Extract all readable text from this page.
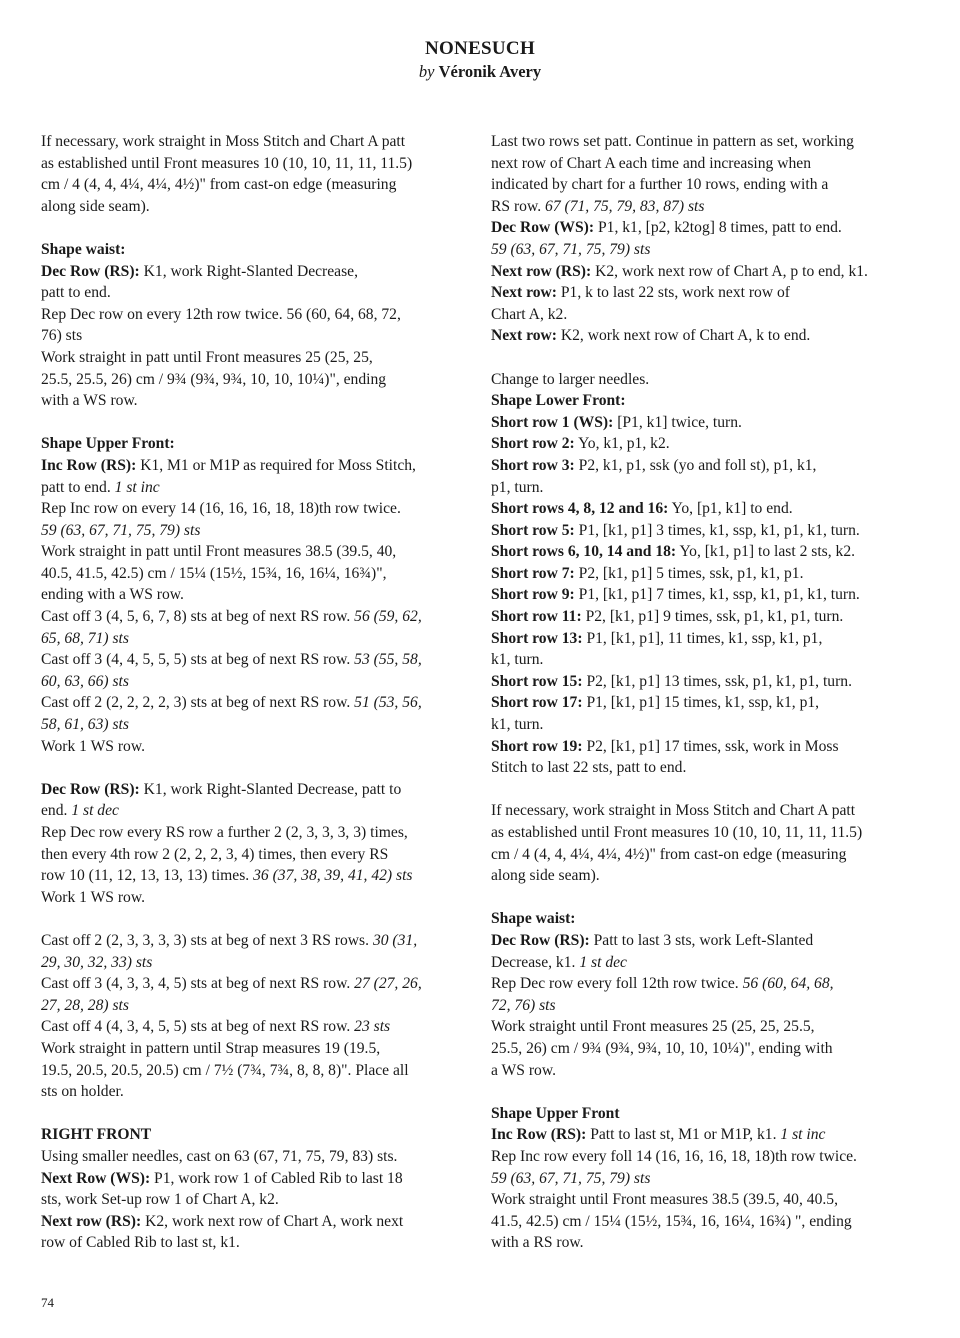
NONESUCH
by Véronik Avery
If necessary, work straight in Moss Stitch and Chart A patt
as established until Front measures 10 (10, 10, 11, 11, 11.5)
cm / 4 (4, 4, 4¼, 4¼, 4½)" from cast-on edge (measuring
along side seam).
Shape waist:
Dec Row (RS): K1, work Right-Slanted Decrease,
patt to end.
Rep Dec row on every 12th row twice. 56 (60, 64, 68, 72,
76) sts
Work straight in patt until Front measures 25 (25, 25,
25.5, 25.5, 26) cm / 9¾ (9¾, 9¾, 10, 10, 10¼)", ending
with a WS row.
Shape Upper Front:
Inc Row (RS): K1, M1 or M1P as required for Moss Stitch,
patt to end. 1 st inc
Rep Inc row on every 14 (16, 16, 16, 18, 18)th row twice.
59 (63, 67, 71, 75, 79) sts
Work straight in patt until Front measures 38.5 (39.5, 40,
40.5, 41.5, 42.5) cm / 15¼ (15½, 15¾, 16, 16¼, 16¾)",
ending with a WS row.
Cast off 3 (4, 5, 6, 7, 8) sts at beg of next RS row. 56 (59, 62,
65, 68, 71) sts
Cast off 3 (4, 4, 5, 5, 5) sts at beg of next RS row. 53 (55, 58,
60, 63, 66) sts
Cast off 2 (2, 2, 2, 2, 3) sts at beg of next RS row. 51 (53, 56,
58, 61, 63) sts
Work 1 WS row.
Dec Row (RS): K1, work Right-Slanted Decrease, patt to
end. 1 st dec
Rep Dec row every RS row a further 2 (2, 3, 3, 3, 3) times,
then every 4th row 2 (2, 2, 2, 3, 4) times, then every RS
row 10 (11, 12, 13, 13, 13) times. 36 (37, 38, 39, 41, 42) sts
Work 1 WS row.
Cast off 2 (2, 3, 3, 3, 3) sts at beg of next 3 RS rows. 30 (31,
29, 30, 32, 33) sts
Cast off 3 (4, 3, 3, 4, 5) sts at beg of next RS row. 27 (27, 26,
27, 28, 28) sts
Cast off 4 (4, 3, 4, 5, 5) sts at beg of next RS row. 23 sts
Work straight in pattern until Strap measures 19 (19.5,
19.5, 20.5, 20.5, 20.5) cm / 7½ (7¾, 7¾, 8, 8, 8)". Place all
sts on holder.
RIGHT FRONT
Using smaller needles, cast on 63 (67, 71, 75, 79, 83) sts.
Next Row (WS): P1, work row 1 of Cabled Rib to last 18
sts, work Set-up row 1 of Chart A, k2.
Next row (RS): K2, work next row of Chart A, work next
row of Cabled Rib to last st, k1.
Last two rows set patt. Continue in pattern as set, working
next row of Chart A each time and increasing when
indicated by chart for a further 10 rows, ending with a
RS row. 67 (71, 75, 79, 83, 87) sts
Dec Row (WS): P1, k1, [p2, k2tog] 8 times, patt to end.
59 (63, 67, 71, 75, 79) sts
Next row (RS): K2, work next row of Chart A, p to end, k1.
Next row: P1, k to last 22 sts, work next row of
Chart A, k2.
Next row: K2, work next row of Chart A, k to end.
Change to larger needles.
Shape Lower Front:
Short row 1 (WS): [P1, k1] twice, turn.
Short row 2: Yo, k1, p1, k2.
Short row 3: P2, k1, p1, ssk (yo and foll st), p1, k1,
p1, turn.
Short rows 4, 8, 12 and 16: Yo, [p1, k1] to end.
Short row 5: P1, [k1, p1] 3 times, k1, ssp, k1, p1, k1, turn.
Short rows 6, 10, 14 and 18: Yo, [k1, p1] to last 2 sts, k2.
Short row 7: P2, [k1, p1] 5 times, ssk, p1, k1, p1.
Short row 9: P1, [k1, p1] 7 times, k1, ssp, k1, p1, k1, turn.
Short row 11: P2, [k1, p1] 9 times, ssk, p1, k1, p1, turn.
Short row 13: P1, [k1, p1], 11 times, k1, ssp, k1, p1,
k1, turn.
Short row 15: P2, [k1, p1] 13 times, ssk, p1, k1, p1, turn.
Short row 17: P1, [k1, p1] 15 times, k1, ssp, k1, p1,
k1, turn.
Short row 19: P2, [k1, p1] 17 times, ssk, work in Moss
Stitch to last 22 sts, patt to end.
If necessary, work straight in Moss Stitch and Chart A patt
as established until Front measures 10 (10, 10, 11, 11, 11.5)
cm / 4 (4, 4, 4¼, 4¼, 4½)" from cast-on edge (measuring
along side seam).
Shape waist:
Dec Row (RS): Patt to last 3 sts, work Left-Slanted
Decrease, k1. 1 st dec
Rep Dec row every foll 12th row twice. 56 (60, 64, 68,
72, 76) sts
Work straight until Front measures 25 (25, 25, 25.5,
25.5, 26) cm / 9¾ (9¾, 9¾, 10, 10, 10¼)", ending with
a WS row.
Shape Upper Front
Inc Row (RS): Patt to last st, M1 or M1P, k1. 1 st inc
Rep Inc row every foll 14 (16, 16, 16, 18, 18)th row twice.
59 (63, 67, 71, 75, 79) sts
Work straight until Front measures 38.5 (39.5, 40, 40.5,
41.5, 42.5) cm / 15¼ (15½, 15¾, 16, 16¼, 16¾) ", ending
with a RS row.
74
